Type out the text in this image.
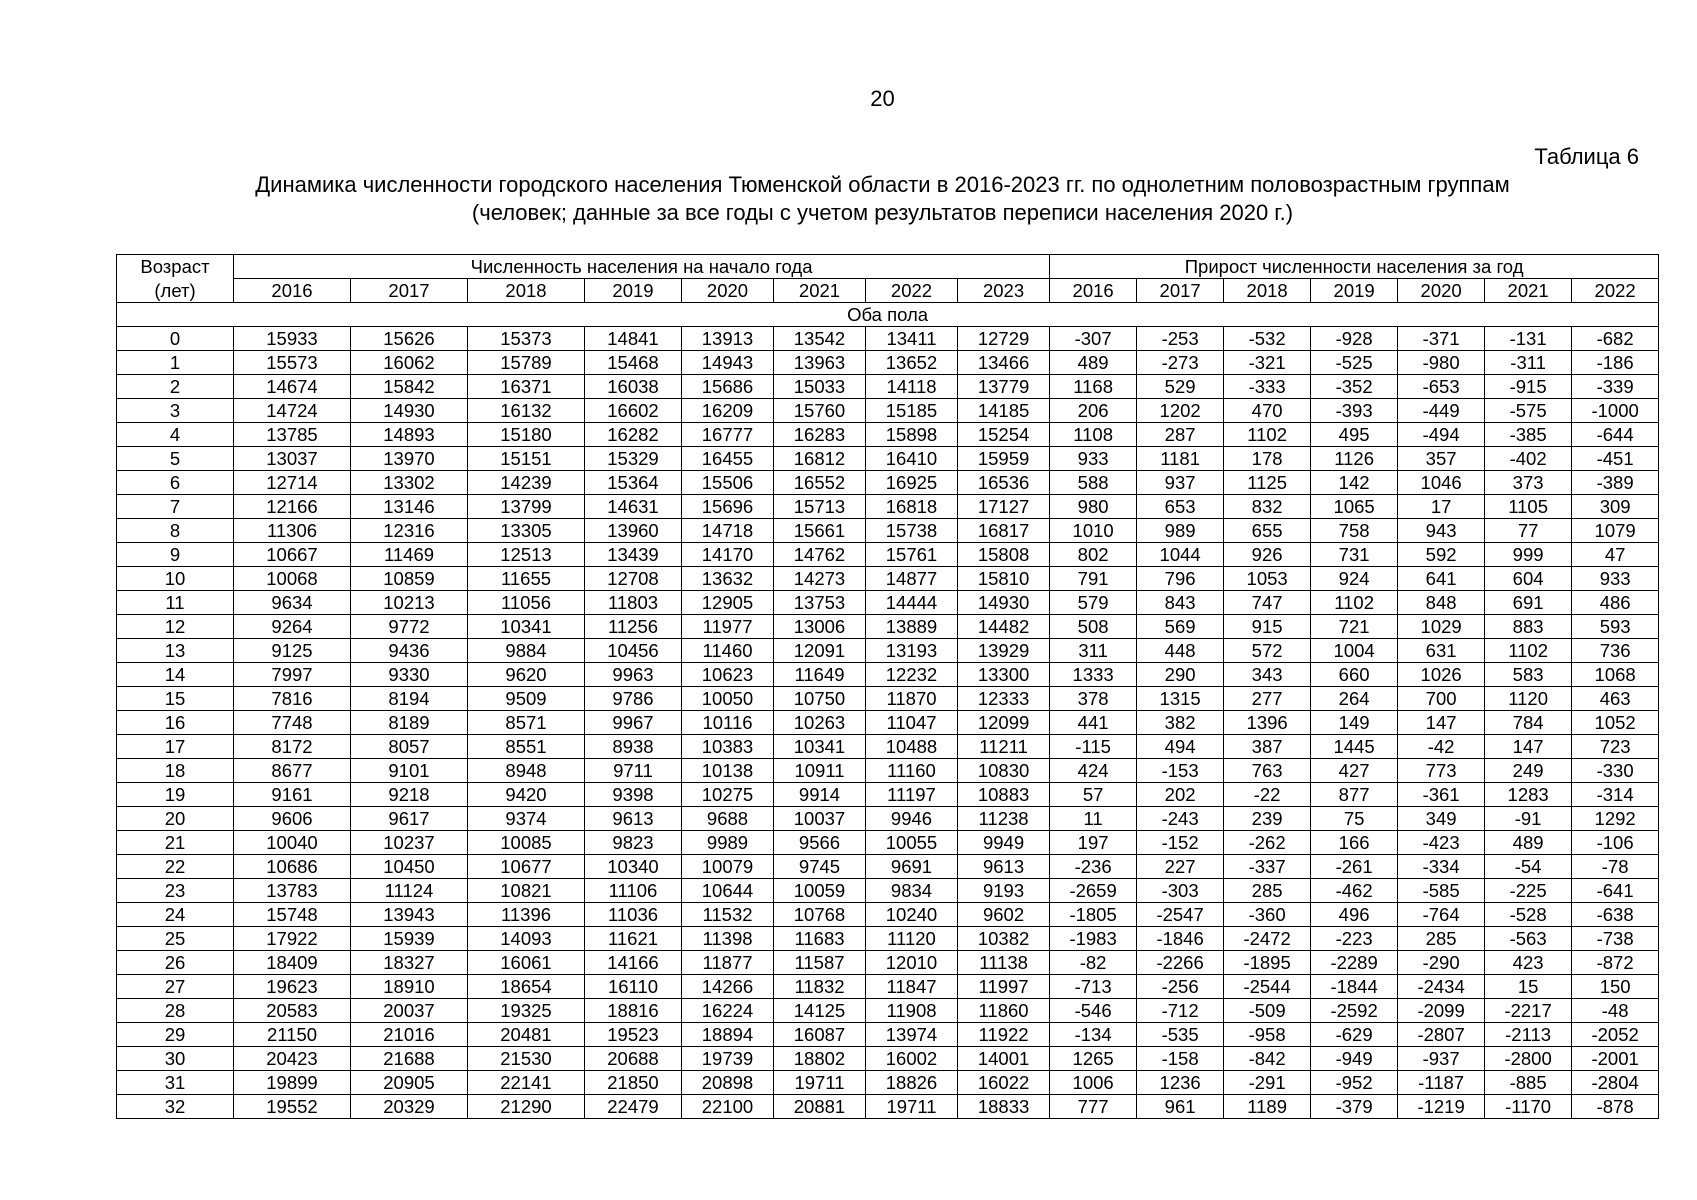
20
Таблица 6
Динамика численности городского населения Тюменской области в 2016-2023 гг. по однолетним половозрастным группам
(человек; данные за все годы с учетом результатов переписи населения 2020 г.)
Возраст	Численность населения на начало года								Прирост численности населения за год						
(лет)	2016	2017	2018	2019	2020	2021	2022	2023	2016	2017	2018	2019	2020	2021	2022
Оба пола															
0	15933	15626	15373	14841	13913	13542	13411	12729	-307	-253	-532	-928	-371	-131	-682
1	15573	16062	15789	15468	14943	13963	13652	13466	489	-273	-321	-525	-980	-311	-186
2	14674	15842	16371	16038	15686	15033	14118	13779	1168	529	-333	-352	-653	-915	-339
3	14724	14930	16132	16602	16209	15760	15185	14185	206	1202	470	-393	-449	-575	-1000
4	13785	14893	15180	16282	16777	16283	15898	15254	1108	287	1102	495	-494	-385	-644
5	13037	13970	15151	15329	16455	16812	16410	15959	933	1181	178	1126	357	-402	-451
6	12714	13302	14239	15364	15506	16552	16925	16536	588	937	1125	142	1046	373	-389
7	12166	13146	13799	14631	15696	15713	16818	17127	980	653	832	1065	17	1105	309
8	11306	12316	13305	13960	14718	15661	15738	16817	1010	989	655	758	943	77	1079
9	10667	11469	12513	13439	14170	14762	15761	15808	802	1044	926	731	592	999	47
10	10068	10859	11655	12708	13632	14273	14877	15810	791	796	1053	924	641	604	933
11	9634	10213	11056	11803	12905	13753	14444	14930	579	843	747	1102	848	691	486
12	9264	9772	10341	11256	11977	13006	13889	14482	508	569	915	721	1029	883	593
13	9125	9436	9884	10456	11460	12091	13193	13929	311	448	572	1004	631	1102	736
14	7997	9330	9620	9963	10623	11649	12232	13300	1333	290	343	660	1026	583	1068
15	7816	8194	9509	9786	10050	10750	11870	12333	378	1315	277	264	700	1120	463
16	7748	8189	8571	9967	10116	10263	11047	12099	441	382	1396	149	147	784	1052
17	8172	8057	8551	8938	10383	10341	10488	11211	-115	494	387	1445	-42	147	723
18	8677	9101	8948	9711	10138	10911	11160	10830	424	-153	763	427	773	249	-330
19	9161	9218	9420	9398	10275	9914	11197	10883	57	202	-22	877	-361	1283	-314
20	9606	9617	9374	9613	9688	10037	9946	11238	11	-243	239	75	349	-91	1292
21	10040	10237	10085	9823	9989	9566	10055	9949	197	-152	-262	166	-423	489	-106
22	10686	10450	10677	10340	10079	9745	9691	9613	-236	227	-337	-261	-334	-54	-78
23	13783	11124	10821	11106	10644	10059	9834	9193	-2659	-303	285	-462	-585	-225	-641
24	15748	13943	11396	11036	11532	10768	10240	9602	-1805	-2547	-360	496	-764	-528	-638
25	17922	15939	14093	11621	11398	11683	11120	10382	-1983	-1846	-2472	-223	285	-563	-738
26	18409	18327	16061	14166	11877	11587	12010	11138	-82	-2266	-1895	-2289	-290	423	-872
27	19623	18910	18654	16110	14266	11832	11847	11997	-713	-256	-2544	-1844	-2434	15	150
28	20583	20037	19325	18816	16224	14125	11908	11860	-546	-712	-509	-2592	-2099	-2217	-48
29	21150	21016	20481	19523	18894	16087	13974	11922	-134	-535	-958	-629	-2807	-2113	-2052
30	20423	21688	21530	20688	19739	18802	16002	14001	1265	-158	-842	-949	-937	-2800	-2001
31	19899	20905	22141	21850	20898	19711	18826	16022	1006	1236	-291	-952	-1187	-885	-2804
32	19552	20329	21290	22479	22100	20881	19711	18833	777	961	1189	-379	-1219	-1170	-878
